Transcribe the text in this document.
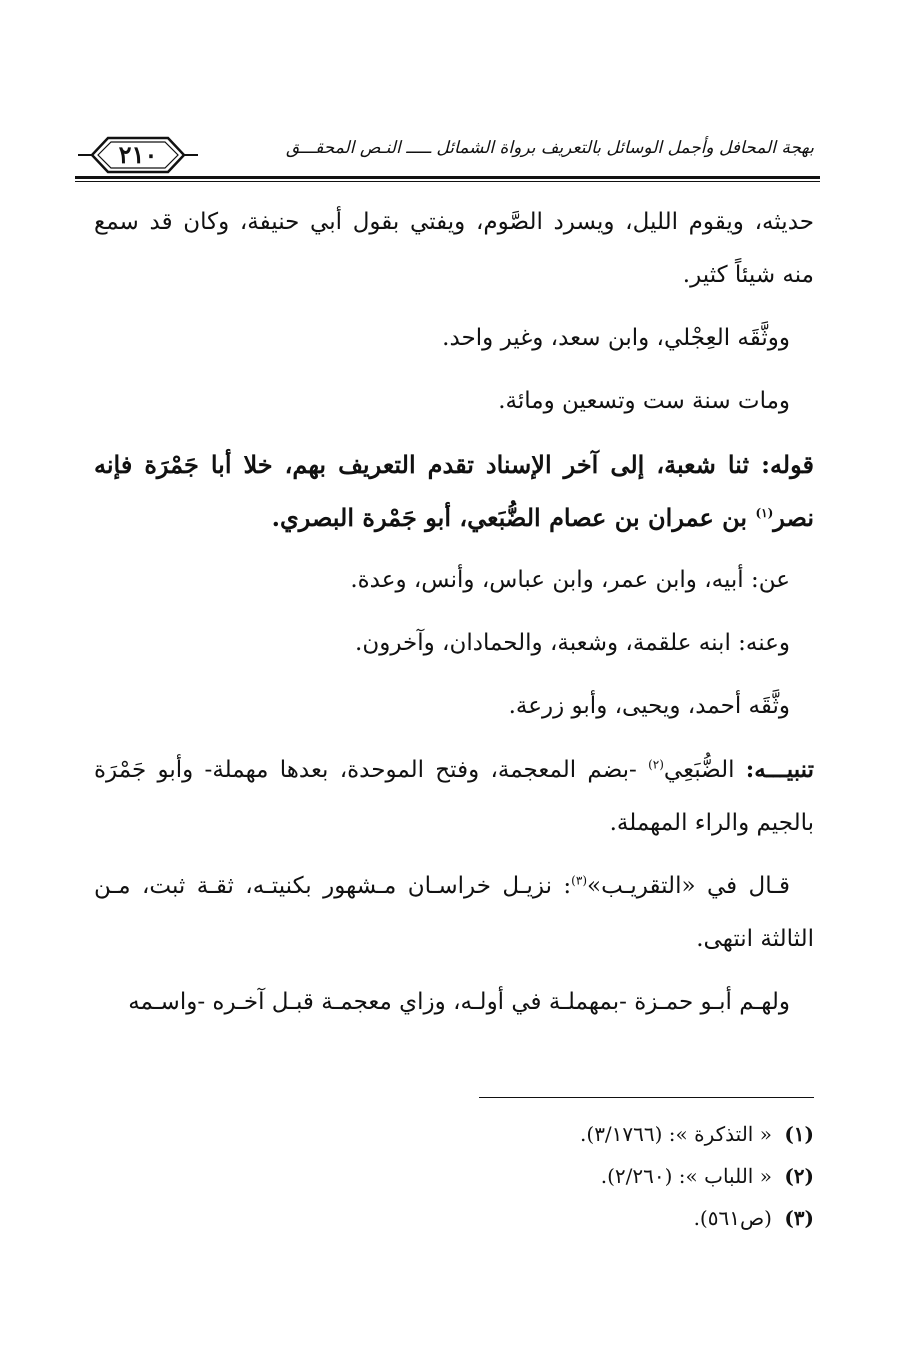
بهجة المحافل وأجمل الوسائل بالتعريف برواة الشمائل ـــــ النـص المحقـــق
٢١٠

حديثه، ويقوم الليل، ويسرد الصَّوم، ويفتي بقول أبي حنيفة، وكان قد سمع منه شيئاً كثير.

ووثَّقَه العِجْلي، وابن سعد، وغير واحد.

ومات سنة ست وتسعين ومائة.

قوله: ثنا شعبة، إلى آخر الإسناد تقدم التعريف بهم، خلا أبا جَمْرَة فإنه نصر$^{(١)}$ بن عمران بن عصام الضُّبَعي، أبو جَمْرة البصري.

عن: أبيه، وابن عمر، وابن عباس، وأنس، وعدة.

وعنه: ابنه علقمة، وشعبة، والحمادان، وآخرون.

وثَّقَه أحمد، ويحيى، وأبو زرعة.

تنبيـــه: الضُّبَعِي$^{(٢)}$ -بضم المعجمة، وفتح الموحدة، بعدها مهملة- وأبو جَمْرَة بالجيم والراء المهملة.

قـال في «التقريـب»$^{(٣)}$: نزيـل خراسـان مـشهور بكنيتـه، ثقـة ثبت، مـن الثالثة انتهى.

ولهـم أبـو حمـزة -بمهملـة في أولـه، وزاي معجمـة قبـل آخـره -واسـمه

(١) « التذكرة »: (٣/١٧٦٦).

(٢) « اللباب »: (٢/٢٦٠).

(٣) (ص٥٦١).
